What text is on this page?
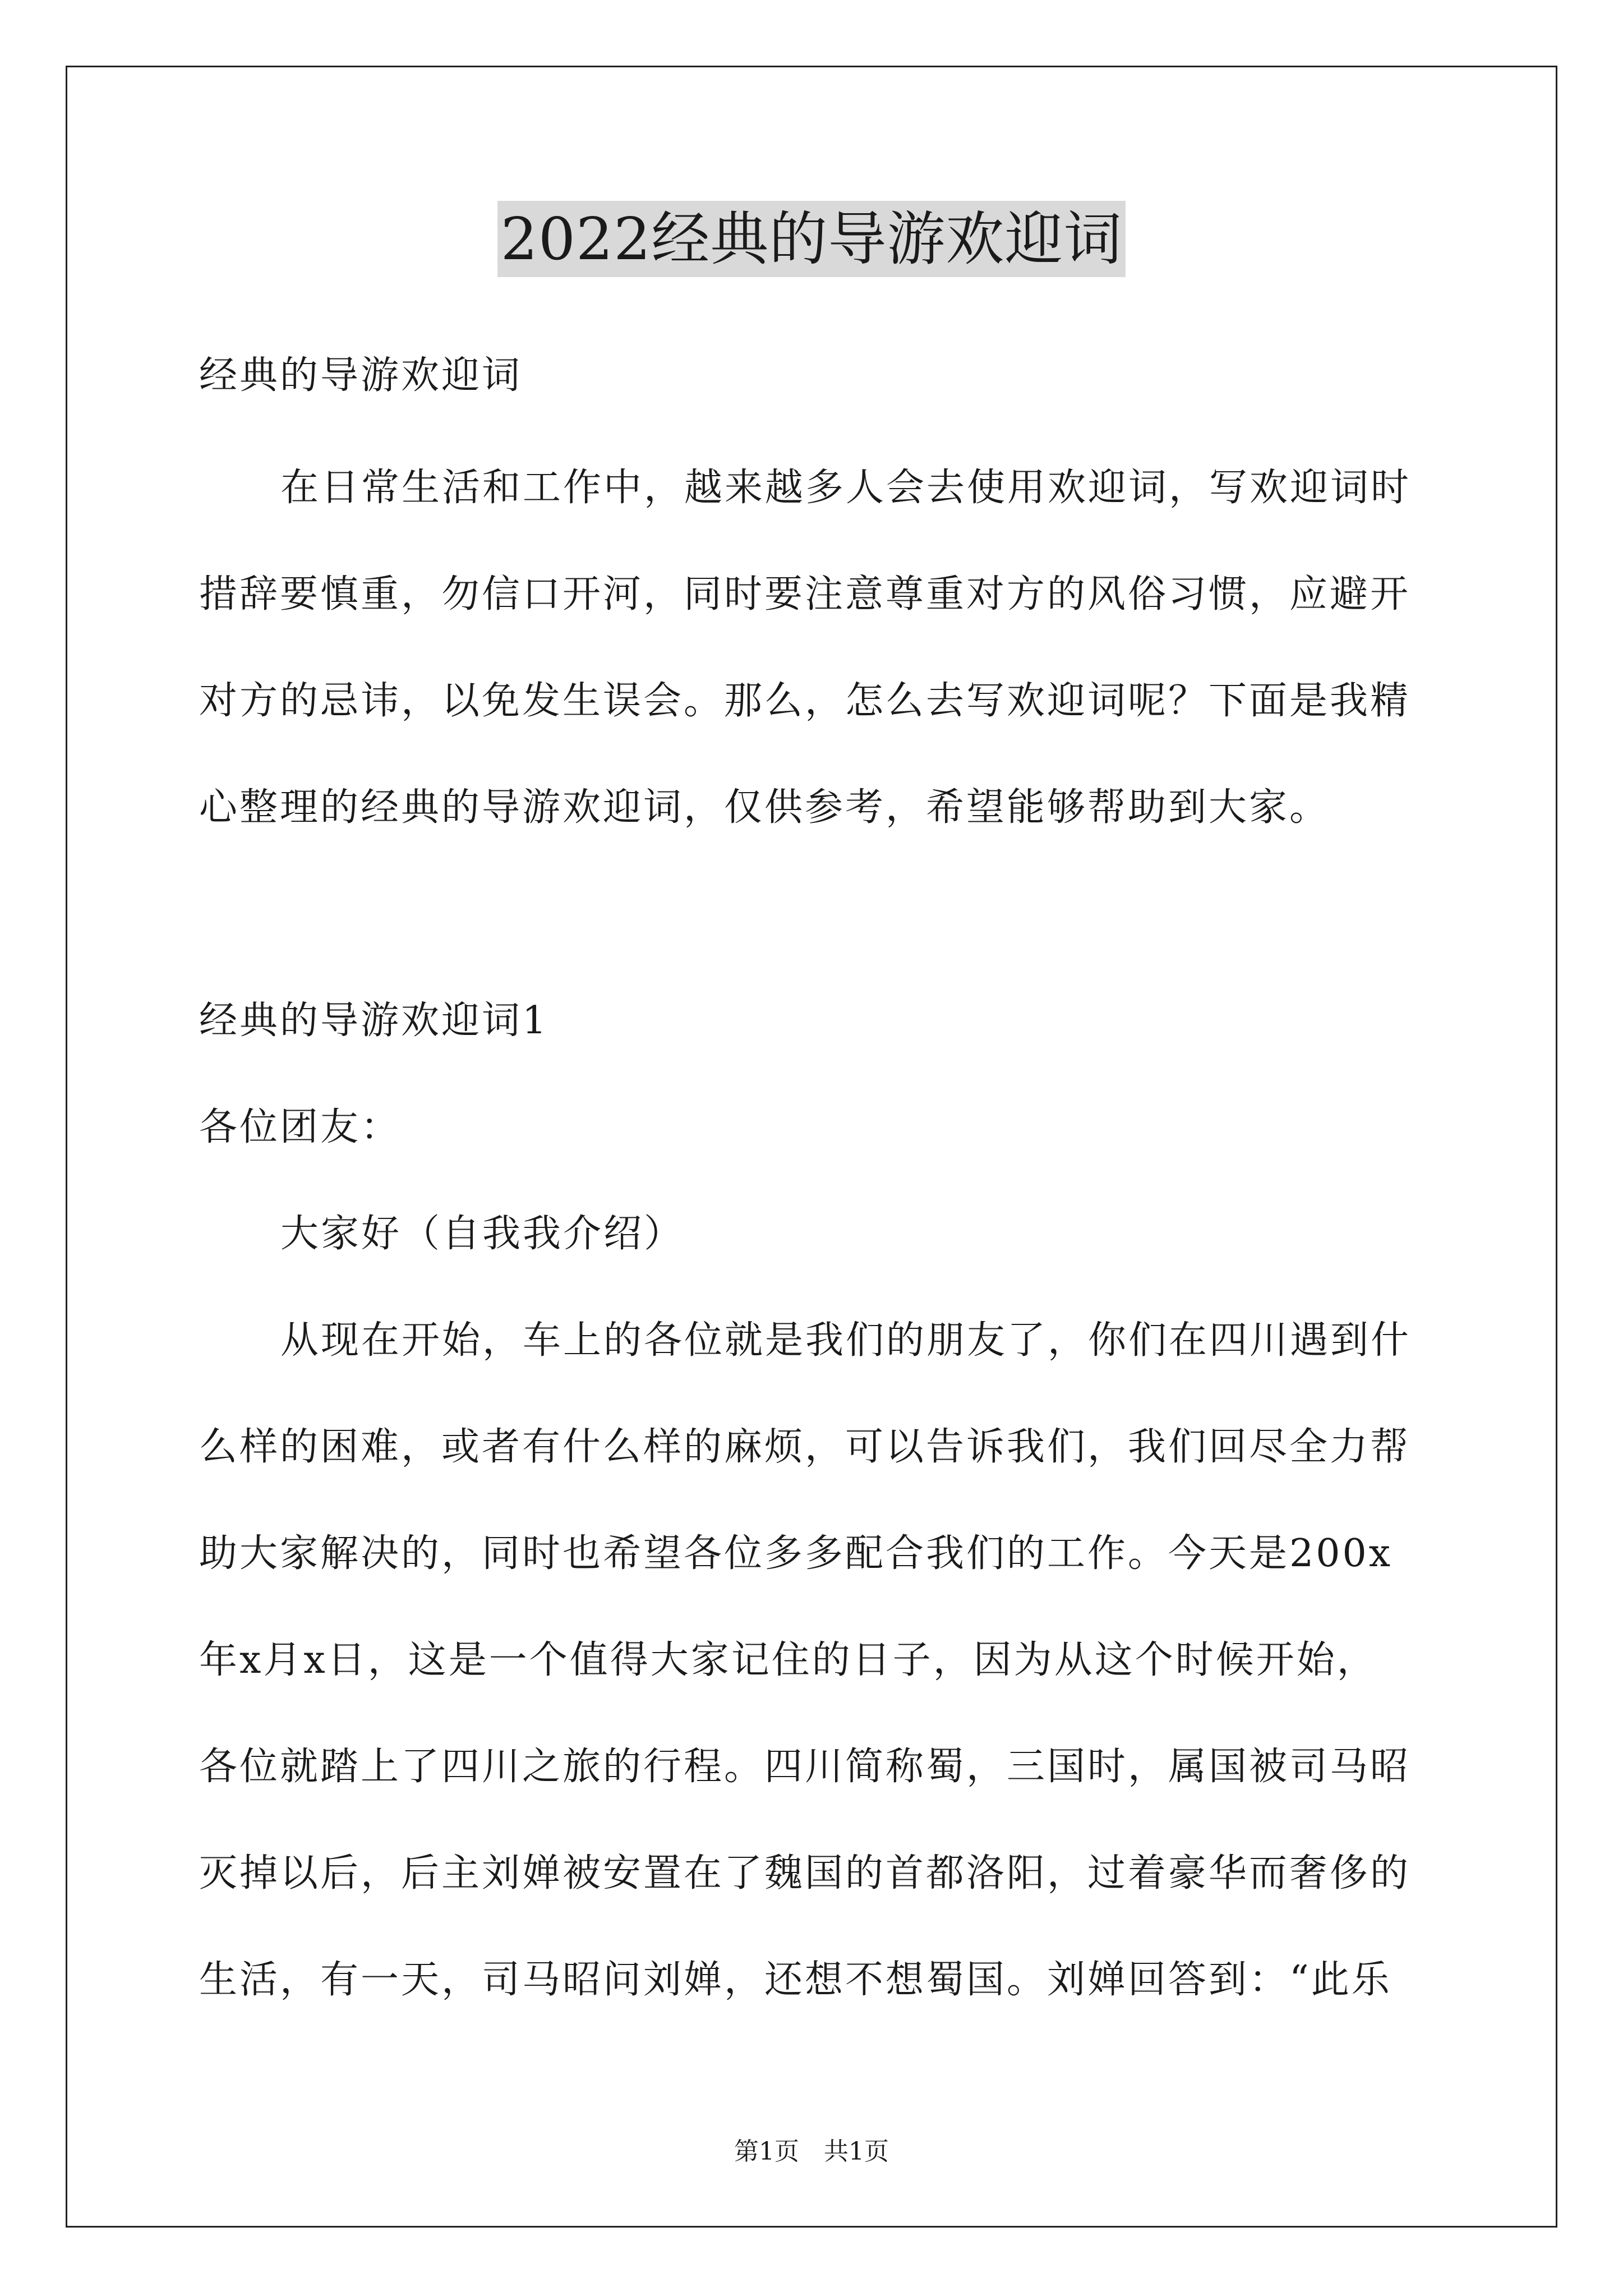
2022经典的导游欢迎词
经典的导游欢迎词
在日常生活和工作中，越来越多人会去使用欢迎词，写欢迎词时
措辞要慎重，勿信口开河，同时要注意尊重对方的风俗习惯，应避开
对方的忌讳，以免发生误会。那么，怎么去写欢迎词呢？下面是我精
心整理的经典的导游欢迎词，仅供参考，希望能够帮助到大家。
经典的导游欢迎词1
各位团友：
大家好（自我我介绍）
从现在开始，车上的各位就是我们的朋友了，你们在四川遇到什
么样的困难，或者有什么样的麻烦，可以告诉我们，我们回尽全力帮
助大家解决的，同时也希望各位多多配合我们的工作。今天是200x
年x月x日，这是一个值得大家记住的日子，因为从这个时候开始，
各位就踏上了四川之旅的行程。四川简称蜀，三国时，属国被司马昭
灭掉以后，后主刘婵被安置在了魏国的首都洛阳，过着豪华而奢侈的
生活，有一天，司马昭问刘婵，还想不想蜀国。刘婵回答到：“此乐
第1页　共1页
